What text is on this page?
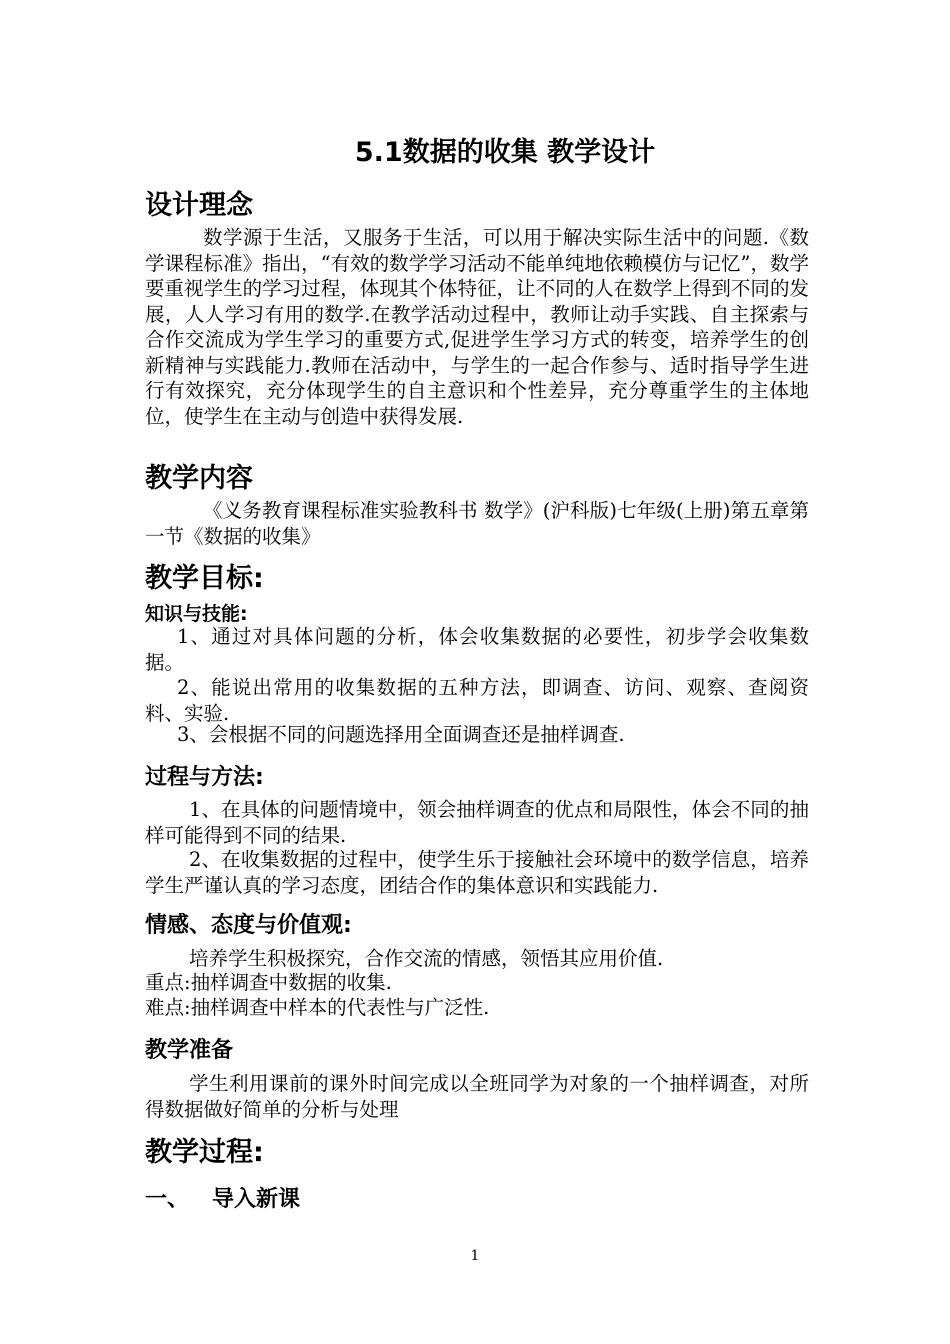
5.1数据的收集 教学设计
设计理念

数学源于生活，又服务于生活，可以用于解决实际生活中的问题.《数学课程标准》指出，“有效的数学学习活动不能单纯地依赖模仿与记忆”，数学要重视学生的学习过程，体现其个体特征，让不同的人在数学上得到不同的发展，人人学习有用的数学.在教学活动过程中，教师让动手实践、自主探索与合作交流成为学生学习的重要方式,促进学生学习方式的转变，培养学生的创新精神与实践能力.教师在活动中，与学生的一起合作参与、适时指导学生进行有效探究，充分体现学生的自主意识和个性差异，充分尊重学生的主体地位，使学生在主动与创造中获得发展.

教学内容

《义务教育课程标准实验教科书 数学》(沪科版)七年级(上册)第五章第一节《数据的收集》

教学目标:
知识与技能:

1、通过对具体问题的分析，体会收集数据的必要性，初步学会收集数据。

2、能说出常用的收集数据的五种方法，即调查、访问、观察、查阅资料、实验.

3、会根据不同的问题选择用全面调查还是抽样调查.

过程与方法:

1、在具体的问题情境中，领会抽样调查的优点和局限性，体会不同的抽样可能得到不同的结果.

2、在收集数据的过程中，使学生乐于接触社会环境中的数学信息，培养学生严谨认真的学习态度，团结合作的集体意识和实践能力.

情感、态度与价值观:

培养学生积极探究，合作交流的情感，领悟其应用价值.

重点:抽样调查中数据的收集.
难点:抽样调查中样本的代表性与广泛性.
教学准备

学生利用课前的课外时间完成以全班同学为对象的一个抽样调查，对所得数据做好简单的分析与处理

教学过程:
一、   导入新课
1
